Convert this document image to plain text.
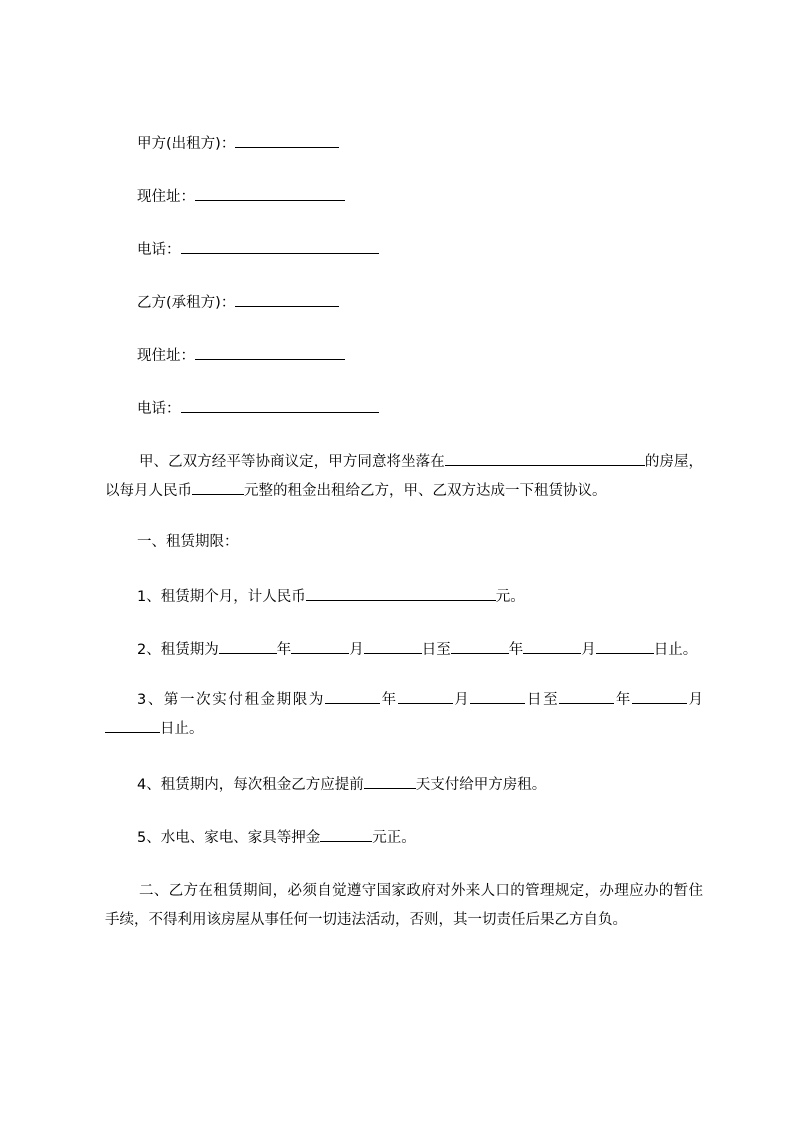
甲方(出租方)：
现住址：
电话：
乙方(承租方)：
现住址：
电话：
甲、乙双方经平等协商议定，甲方同意将坐落在	的房屋，以每月人民币	元整的租金出租给乙方，甲、乙双方达成一下租赁协议。
一、租赁期限：
1、租赁期个月，计人民币	元。
2、租赁期为	年	月	日至	年	月	日止。
3、第一次实付租金期限为	年	月	日至	年	月日止。
4、租赁期内，每次租金乙方应提前	天支付给甲方房租。
5、水电、家电、家具等押金	元正。
二、乙方在租赁期间，必须自觉遵守国家政府对外来人口的管理规定，办理应办的暂住手续，不得利用该房屋从事任何一切违法活动，否则，其一切责任后果乙方自负。
